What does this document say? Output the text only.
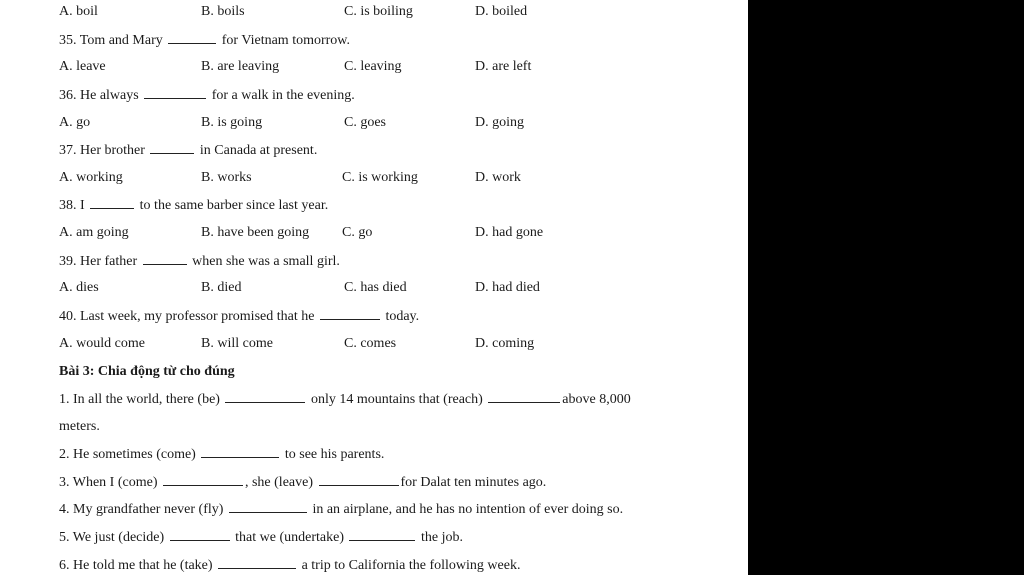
A. boil	B. boils	C. is boiling	D. boiled
35. Tom and Mary	for Vietnam tomorrow.
A. leave	B. are leaving	C. leaving	D. are left
36. He always	for a walk in the evening.
A. go	B. is going	C. goes	D. going
37. Her brother	in Canada at present.
A. working	B. works	C. is working	D. work
38. I	to the same barber since last year.
A. am going	B. have been going C. go	D. had gone
39. Her father	when she was a small girl.
A. dies	B. died	C. has died	D. had died
40. Last week, my professor promised that he	today.
A. would come	B. will come	C. comes	D. coming
Bài 3: Chia động từ cho đúng
1. In all the world, there (be)	only 14 mountains that (reach)	above 8,000
meters.
2. He sometimes (come)	to see his parents.
3. When I (come)	, she (leave)	for Dalat ten minutes ago.
4. My grandfather never (fly)	in an airplane, and he has no intention of ever doing so.
5. We just (decide)	that we (undertake)	the job.
6. He told me that he (take)	a trip to California the following week.
